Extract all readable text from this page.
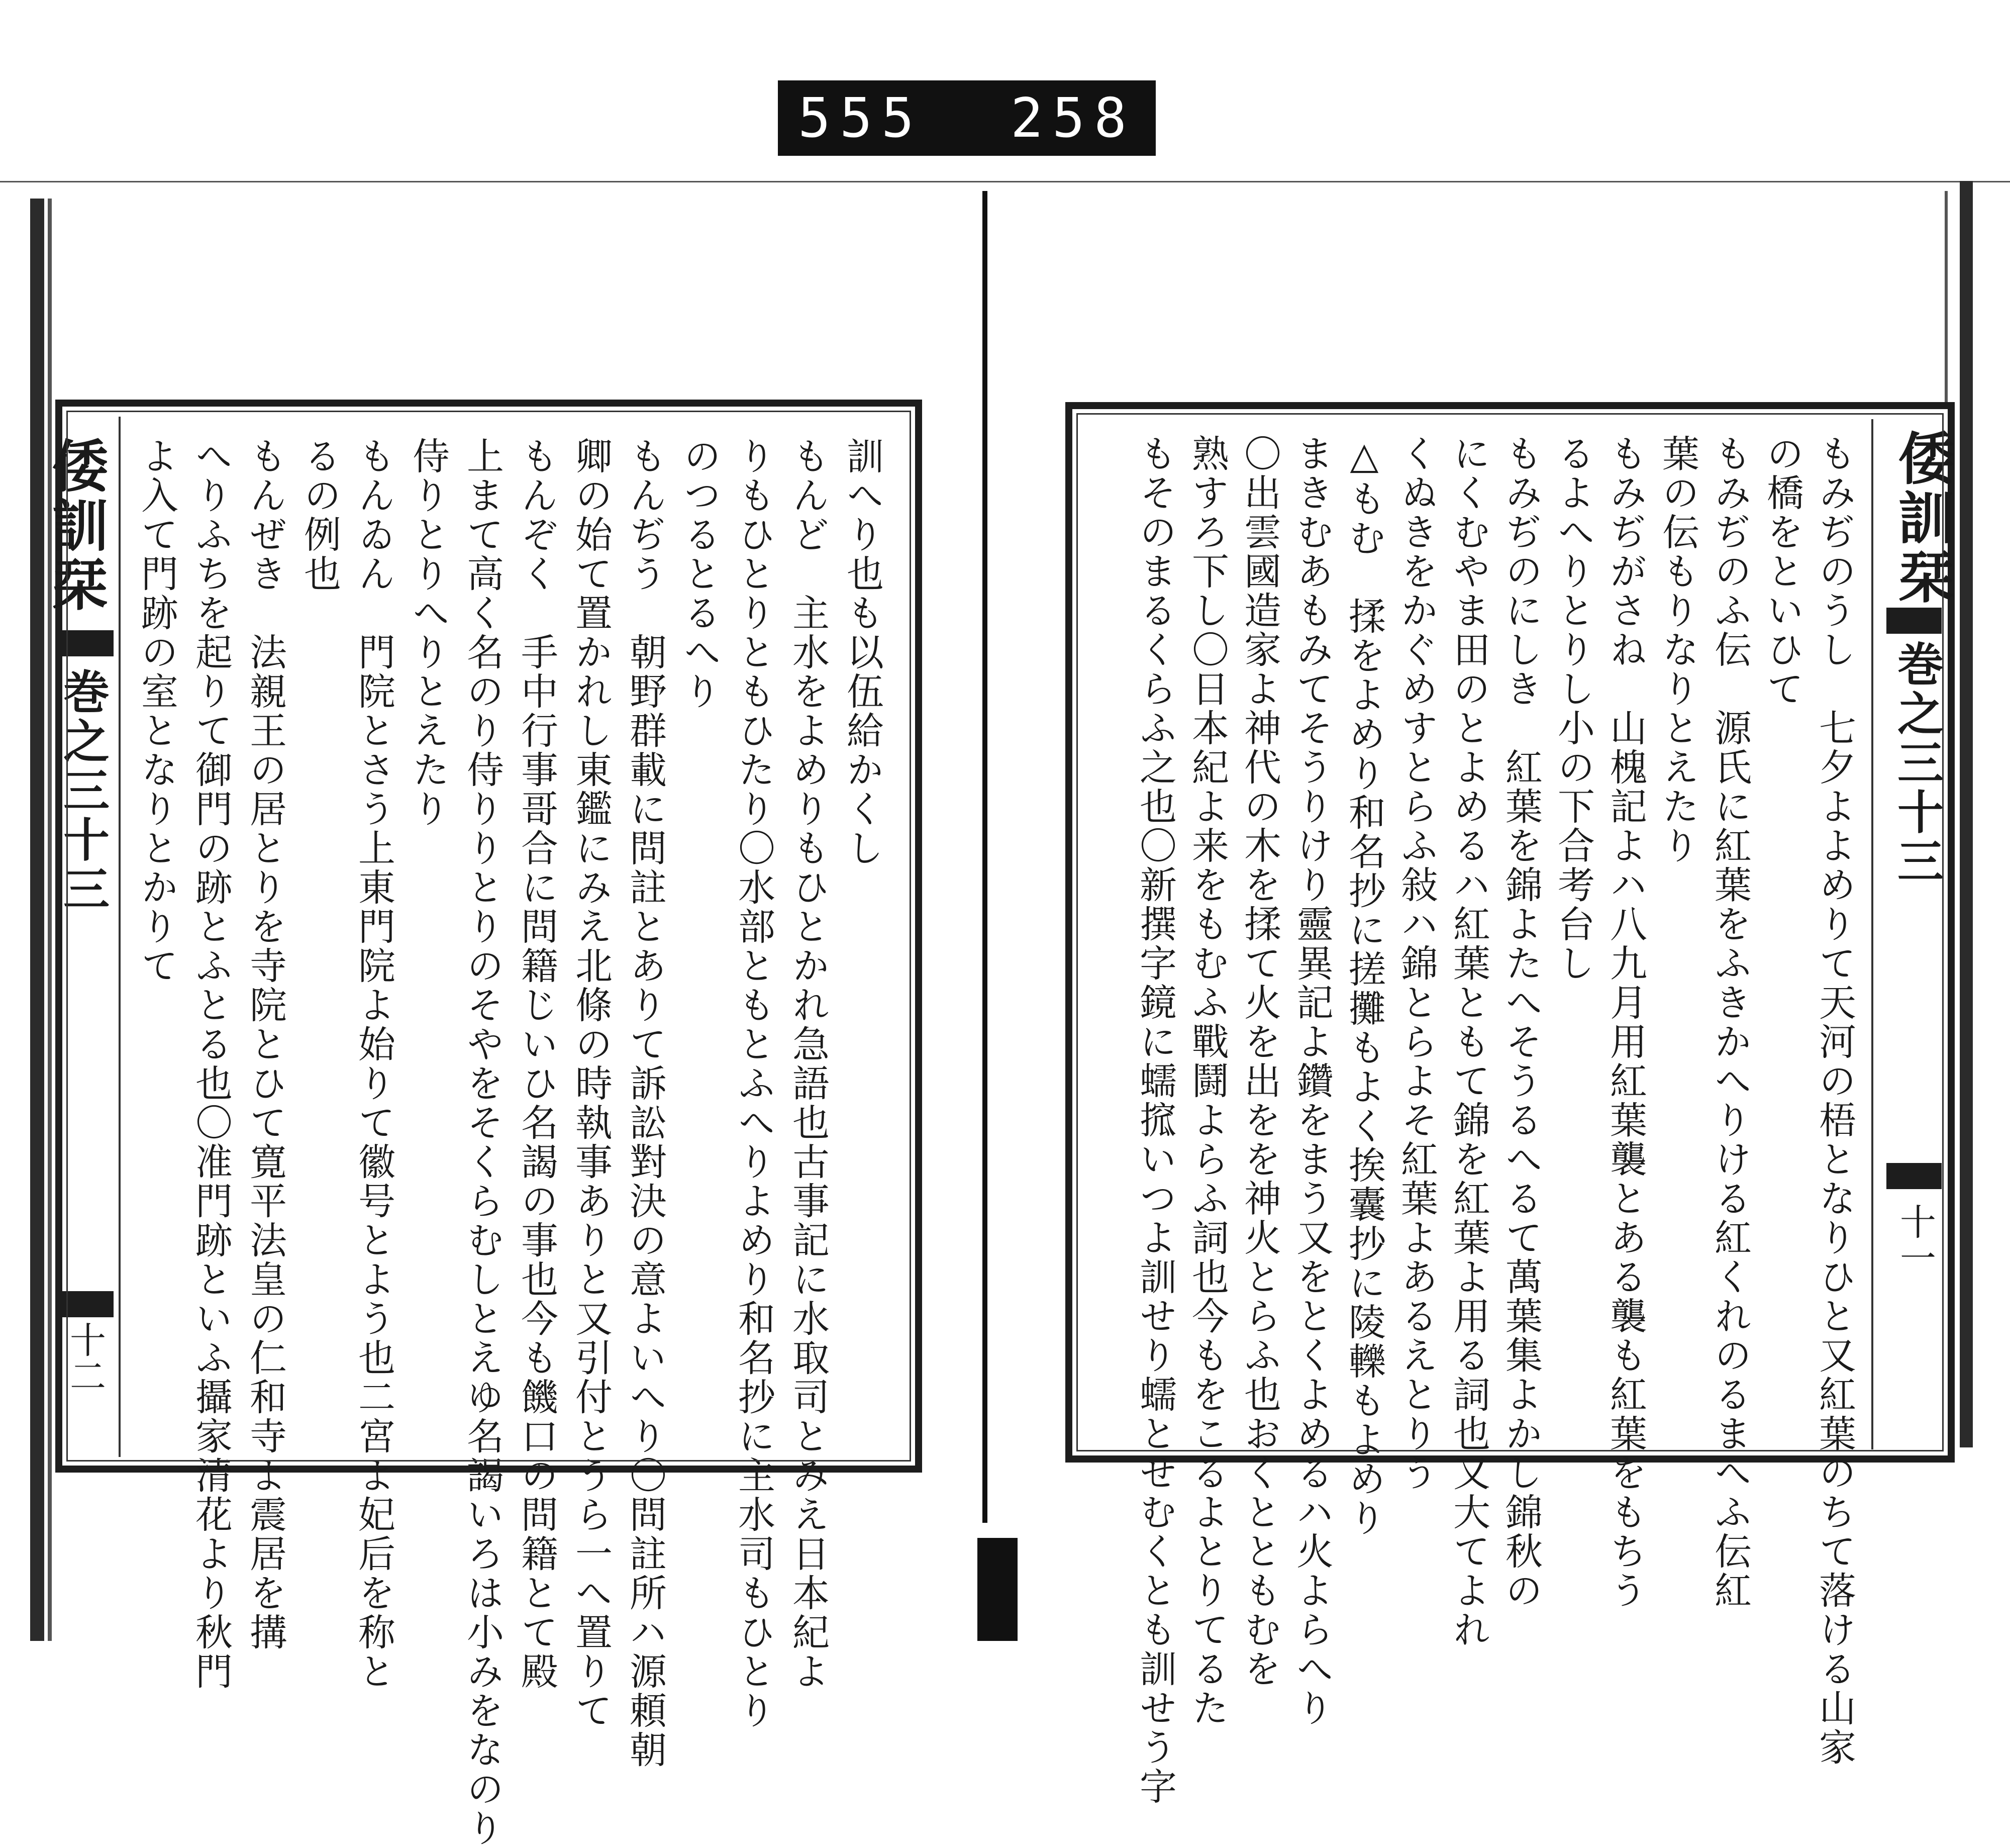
555 258
倭訓栞
巻之三十三
十二
訓へり也も以伍給かくし
もんど　主水をよめりもひとかれ急語也古事記に水取司とみえ日本紀よ
りもひとりともひたり〇水部ともとふへりよめり和名抄に主水司もひとり
のつるとるへり
もんぢう　朝野群載に問註とありて訴訟對決の意よいへり〇問註所ハ源頼朝
卿の始て置かれし東鑑にみえ北條の時執事ありと又引付とうら一へ置りて
もんぞく　手中行事哥合に問籍じいひ名謁の事也今も饑口の問籍とて殿
上まて高く名のり侍りりとりのそやをそくらむしとえゆ名謁いろは小みをなのり
侍りとりへりとえたり
もんゐん　門院とさう上東門院よ始りて徽号とよう也二宮よ妃后を称と
るの例也
もんぜき　法親王の居とりを寺院とひて寛平法皇の仁和寺よ震居を搆
へりふちを起りて御門の跡とふとる也〇准門跡といふ攝家清花より秋門
よ入て門跡の室となりとかりて	倭訓栞
巻之三十三
十一
もみぢのうし　七夕よよめりて天河の梧となりひと又紅葉のちて落ける山家
の橋をといひて
もみぢのふ伝　源氏に紅葉をふきかへりける紅くれのるまへふ伝紅
葉の伝もりなりとえたり
もみぢがさね　山槐記よハ八九月用紅葉襲とある襲も紅葉をもちう
るよへりとりし小の下合考台し
もみぢのにしき　紅葉を錦よたへそうるへるて萬葉集よかし錦秋の
にくむやま田のとよめるハ紅葉ともて錦を紅葉よ用る詞也又大てよれ
くぬきをかぐめすとらふ敍ハ錦とらよそ紅葉よあるえとりう
△もむ　揉をよめり和名抄に搓攤もよく挨囊抄に陵轢もよめり
まきむあもみてそうりけり靈異記よ鑽をまう又をとくよめるハ火よらへり
〇出雲國造家よ神代の木を揉て火を出をを神火とらふ也おくとともむを
熟すろ下し〇日本紀よ来をもむふ戰鬪よらふ詞也今もをこるよとりてるた
もそのまるくらふ之也〇新撰字鏡に蠕搲いつよ訓せり蠕とせむくとも訓せう字
